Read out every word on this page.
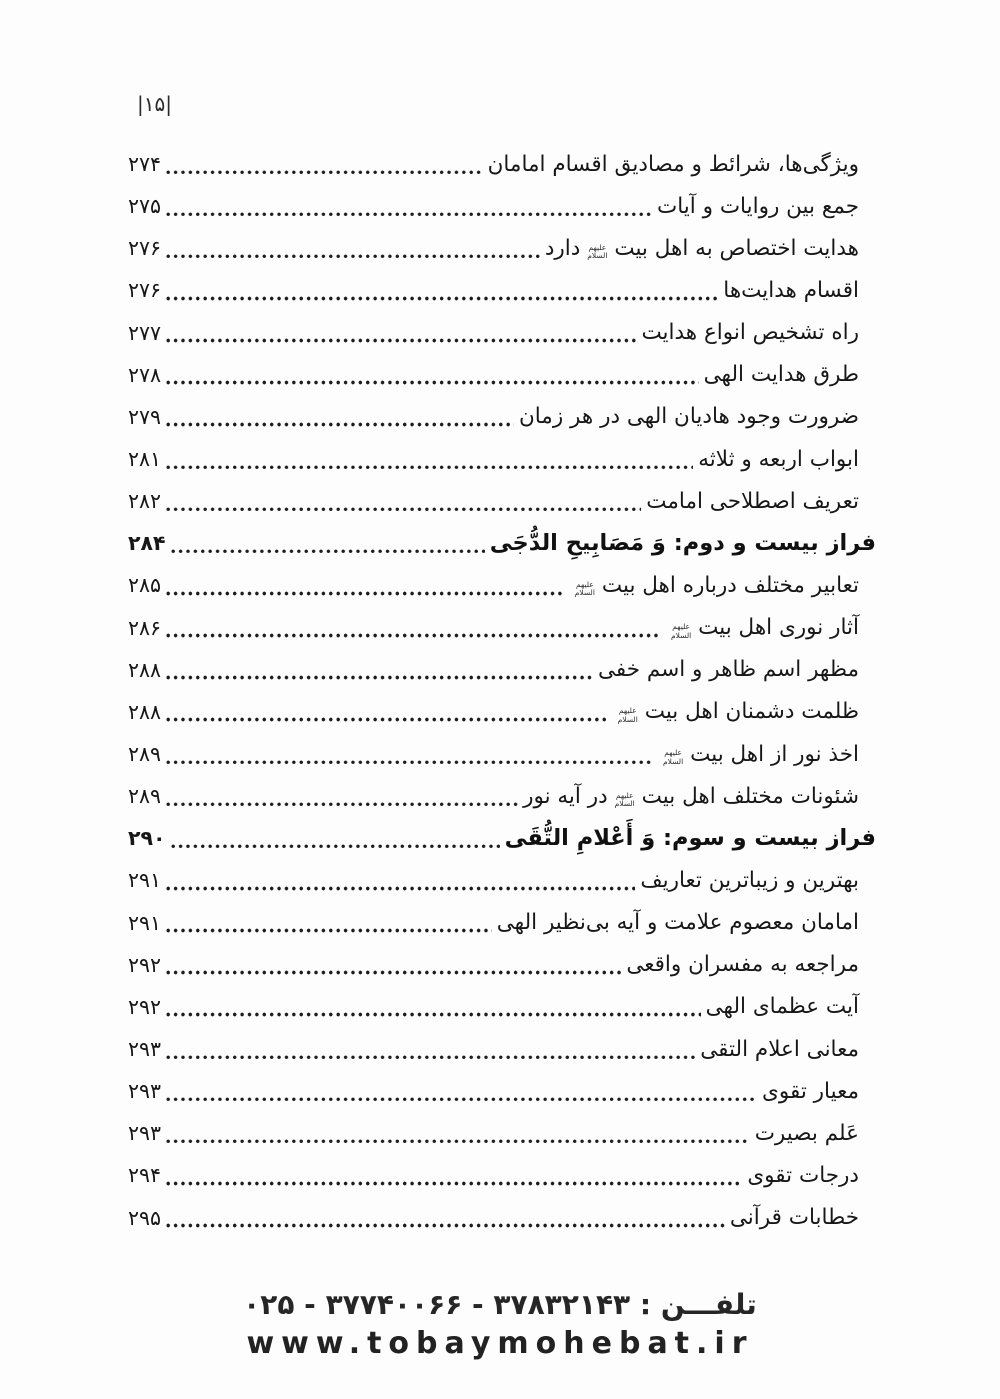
|۱۵|
ویژگی‌ها، شرائط و مصادیق اقسام امامان
۲۷۴
جمع بین روایات و آیات
۲۷۵
هدایت اختصاص به اهل بیت
علیهم
السلام
دارد
۲۷۶
اقسام هدایت‌ها
۲۷۶
راه تشخیص انواع هدایت
۲۷۷
طرق هدایت الهی
۲۷۸
ضرورت وجود هادیان الهی در هر زمان
۲۷۹
ابواب اربعه و ثلاثه
۲۸۱
تعریف اصطلاحی امامت
۲۸۲
فراز بیست و دوم: وَ مَصَابِیحِ الدُّجَی
۲۸۴
تعابیر مختلف درباره اهل بیت
علیهم
السلام
۲۸۵
آثار نوری اهل بیت
علیهم
السلام
۲۸۶
مظهر اسم ظاهر و اسم خفی
۲۸۸
ظلمت دشمنان اهل بیت
علیهم
السلام
۲۸۸
اخذ نور از اهل بیت
علیهم
السلام
۲۸۹
شئونات مختلف اهل بیت
علیهم
السلام
در آیه نور
۲۸۹
فراز بیست و سوم: وَ أَعْلامِ التُّقَی
۲۹۰
بهترین و زیباترین تعاریف
۲۹۱
امامان معصوم علامت و آیه بی‌نظیر الهی
۲۹۱
مراجعه به مفسران واقعی
۲۹۲
آیت عظمای الهی
۲۹۲
معانی اعلام التقی
۲۹۳
معیار تقوی
۲۹۳
عَلم بصیرت
۲۹۳
درجات تقوی
۲۹۴
خطابات قرآنی
۲۹۵
تلفـــن : ۳۷۸۳۲۱۴۳ - ۳۷۷۴۰۰۶۶ - ۰۲۵
www.tobaymohebat.ir
